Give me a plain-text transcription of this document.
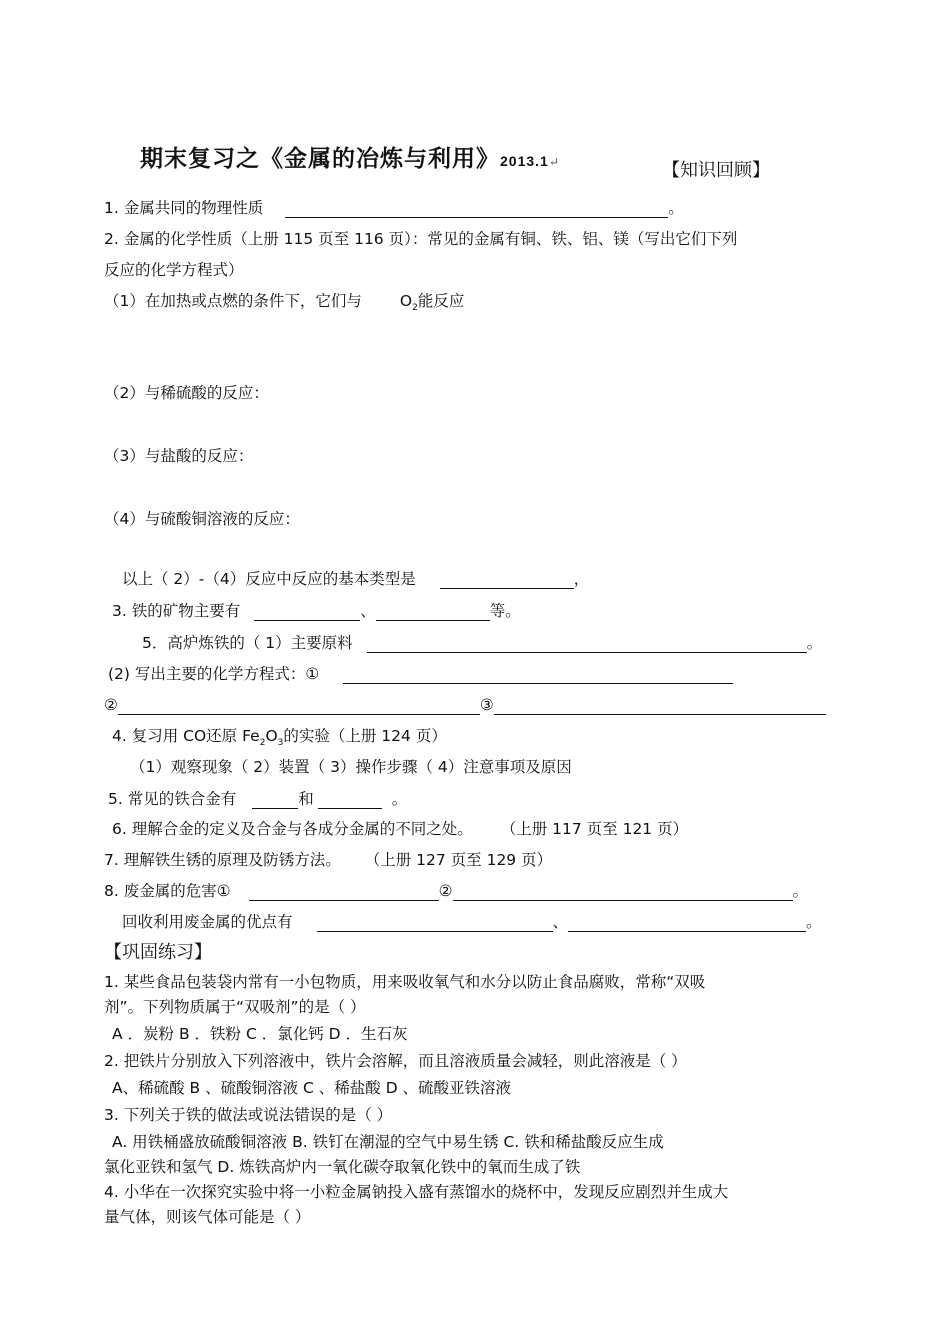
期末复习之《金属的冶炼与利用》2013.1↵	【知识回顾】
1. 金属共同的物理性质	。
2. 金属的化学性质（上册 115 页至 116 页）：常见的金属有铜、铁、铝、镁（写出它们下列
反应的化学方程式）
（1）在加热或点燃的条件下，它们与 $O_2$能反应
（2）与稀硫酸的反应：
（3）与盐酸的反应：
（4）与硫酸铜溶液的反应：
以上（ 2）-（4）反应中反应的基本类型是	，
3. 铁的矿物主要有	、	等。
5．高炉炼铁的（ 1）主要原料	。
(2) 写出主要的化学方程式：①
②	③
4. 复习用 CO还原 $Fe_2O_3$的实验（上册 124 页）
（1）观察现象（ 2）装置（ 3）操作步骤（ 4）注意事项及原因
5. 常见的铁合金有	和	。
6. 理解合金的定义及合金与各成分金属的不同之处。 （上册 117 页至 121 页）
7. 理解铁生锈的原理及防锈方法。 （上册 127 页至 129 页）
8. 废金属的危害①	②	。
回收利用废金属的优点有	、	。
【巩固练习】
1. 某些食品包装袋内常有一小包物质，用来吸收氧气和水分以防止食品腐败，常称“双吸
剂”。下列物质属于“双吸剂”的是（ ）
A ．炭粉 B ．铁粉 C ．氯化钙 D ．生石灰
2. 把铁片分别放入下列溶液中，铁片会溶解，而且溶液质量会减轻，则此溶液是（ ）
A、稀硫酸 B 、硫酸铜溶液 C 、稀盐酸 D 、硫酸亚铁溶液
3. 下列关于铁的做法或说法错误的是（ ）
A. 用铁桶盛放硫酸铜溶液 B. 铁钉在潮湿的空气中易生锈 C. 铁和稀盐酸反应生成
氯化亚铁和氢气 D. 炼铁高炉内一氧化碳夺取氧化铁中的氧而生成了铁
4. 小华在一次探究实验中将一小粒金属钠投入盛有蒸馏水的烧杯中，发现反应剧烈并生成大
量气体，则该气体可能是（ ）
